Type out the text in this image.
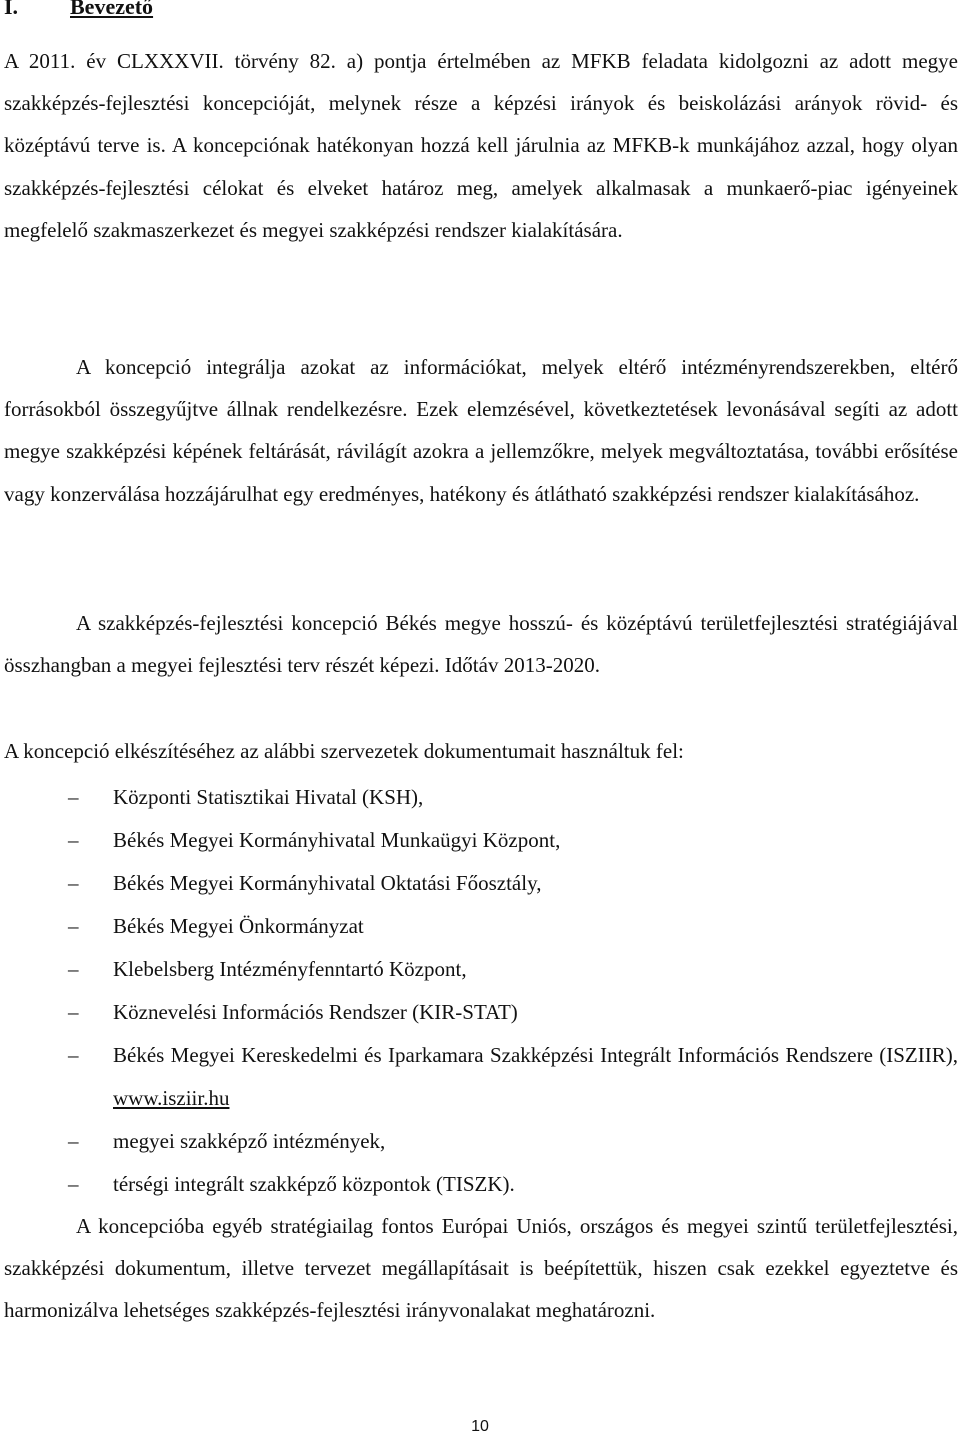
I. Bevezető

A 2011. év CLXXXVII. törvény 82. a) pontja értelmében az MFKB feladata kidolgozni az adott megye szakképzés-fejlesztési koncepcióját, melynek része a képzési irányok és beiskolázási arányok rövid- és középtávú terve is. A koncepciónak hatékonyan hozzá kell járulnia az MFKB-k munkájához azzal, hogy olyan szakképzés-fejlesztési célokat és elveket határoz meg, amelyek alkalmasak a munkaerő-piac igényeinek megfelelő szakmaszerkezet és megyei szakképzési rendszer kialakítására.

A koncepció integrálja azokat az információkat, melyek eltérő intézményrendszerekben, eltérő forrásokból összegyűjtve állnak rendelkezésre. Ezek elemzésével, következtetések levonásával segíti az adott megye szakképzési képének feltárását, rávilágít azokra a jellemzőkre, melyek megváltoztatása, további erősítése vagy konzerválása hozzájárulhat egy eredményes, hatékony és átlátható szakképzési rendszer kialakításához.

A szakképzés-fejlesztési koncepció Békés megye hosszú- és középtávú területfejlesztési stratégiájával összhangban a megyei fejlesztési terv részét képezi. Időtáv 2013-2020.

A koncepció elkészítéséhez az alábbi szervezetek dokumentumait használtuk fel:

– Központi Statisztikai Hivatal (KSH),
– Békés Megyei Kormányhivatal Munkaügyi Központ,
– Békés Megyei Kormányhivatal Oktatási Főosztály,
– Békés Megyei Önkormányzat
– Klebelsberg Intézményfenntartó Központ,
– Köznevelési Információs Rendszer (KIR-STAT)
– Békés Megyei Kereskedelmi és Iparkamara Szakképzési Integrált Információs Rendszere (ISZIIR), www.isziir.hu
– megyei szakképző intézmények,
– térségi integrált szakképző központok (TISZK).

A koncepcióba egyéb stratégiailag fontos Európai Uniós, országos és megyei szintű területfejlesztési, szakképzési dokumentum, illetve tervezet megállapításait is beépítettük, hiszen csak ezekkel egyeztetve és harmonizálva lehetséges szakképzés-fejlesztési irányvonalakat meghatározni.

10
